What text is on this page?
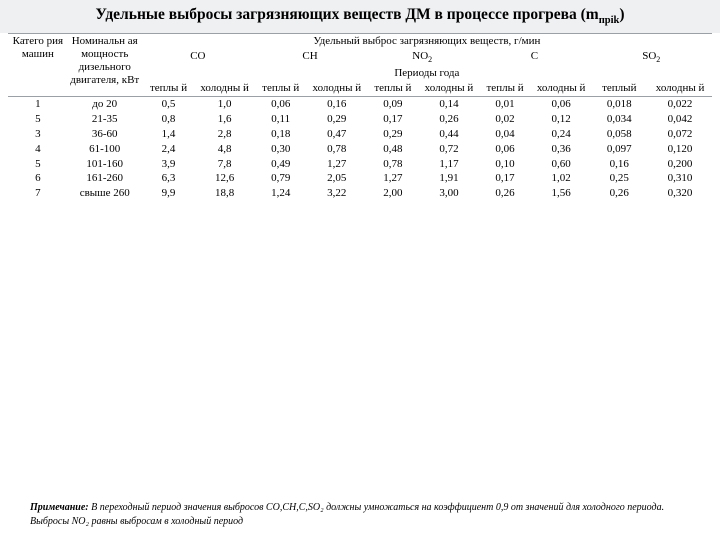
Удельные выбросы загрязняющих веществ ДМ в процессе прогрева $(m_{прik})$
Катего рия машин	Номинальн ая мощность дизельного двигателя, кВт	Удельный выброс загрязняющих веществ, г/мин									
		CO		CH		$NO_2$		C		$SO_2$
		Периоды года									
		теплы й	холодны й	теплы й	холодны й	теплы й	холодны й	теплы й	холодны й	теплый	холодны й
1	до 20	0,5	1,0	0,06	0,16	0,09	0,14	0,01	0,06	0,018	0,022
5	21-35	0,8	1,6	0,11	0,29	0,17	0,26	0,02	0,12	0,034	0,042
3	36-60	1,4	2,8	0,18	0,47	0,29	0,44	0,04	0,24	0,058	0,072
4	61-100	2,4	4,8	0,30	0,78	0,48	0,72	0,06	0,36	0,097	0,120
5	101-160	3,9	7,8	0,49	1,27	0,78	1,17	0,10	0,60	0,16	0,200
6	161-260	6,3	12,6	0,79	2,05	1,27	1,91	0,17	1,02	0,25	0,310
7	свыше 260	9,9	18,8	1,24	3,22	2,00	3,00	0,26	1,56	0,26	0,320
Примечание: В переходный период значения выбросов СО,СН,С,SO₂ должны умножаться на коэффициент 0,9 от значений для холодного периода. Выбросы NO₂ равны выбросам в холодный период
